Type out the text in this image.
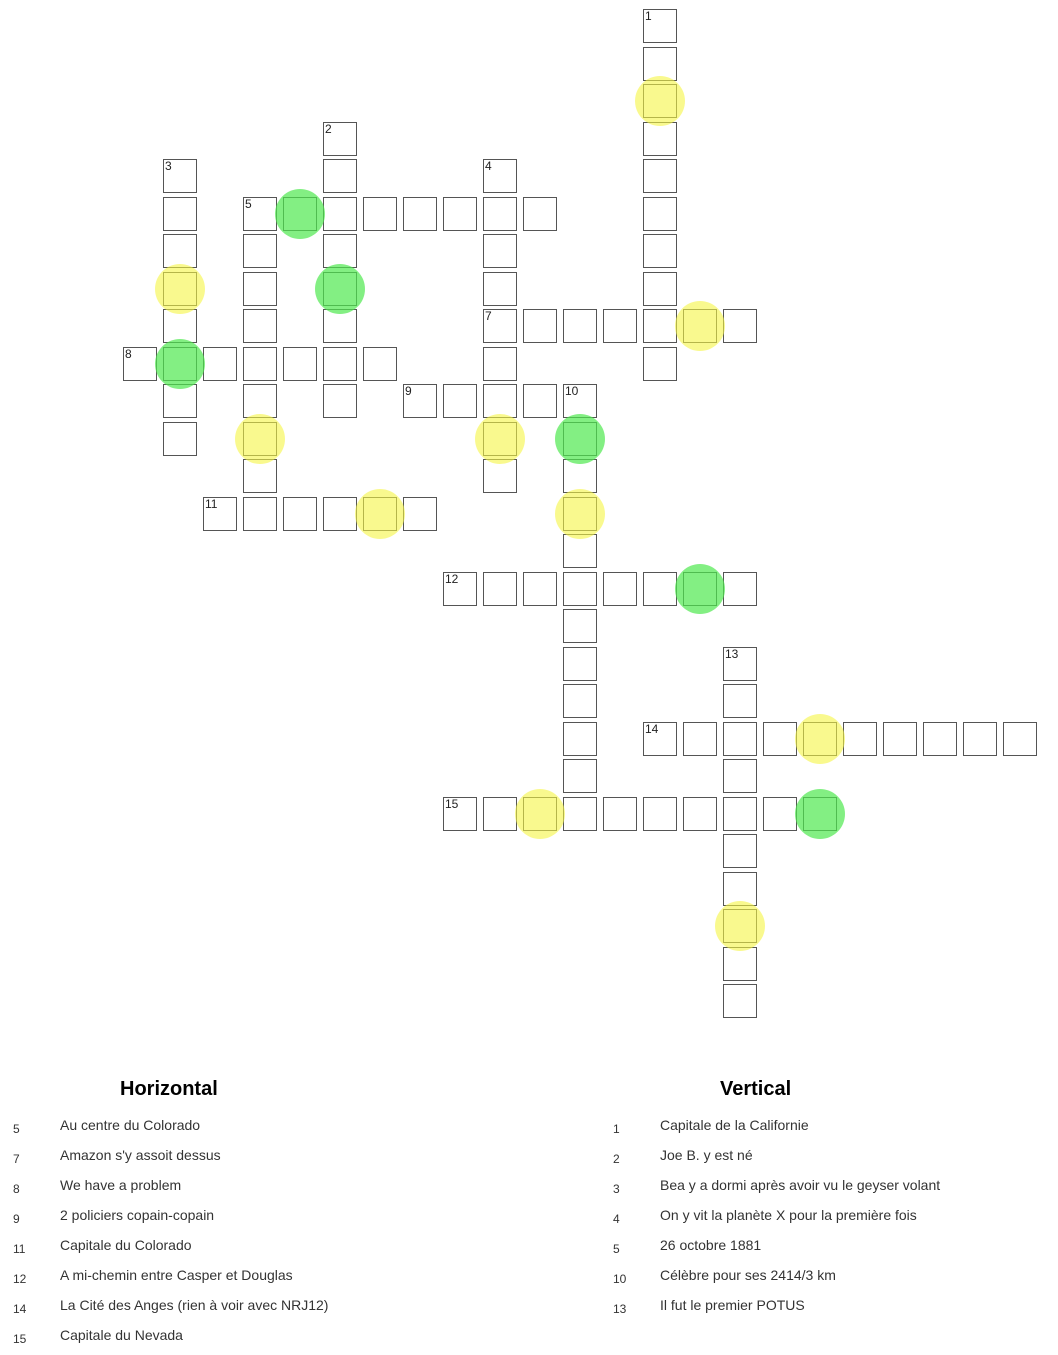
1
2
3	4
7
5
8
9	10
11
12
13
14
15
Horizontal
5	Au centre du Colorado
7	Amazon s'y assoit dessus
8	We have a problem
9	2 policiers copain-copain
11 Capitale du Colorado
12 A mi-chemin entre Casper et Douglas
14 La Cité des Anges (rien à voir avec NRJ12)
15 Capitale du Nevada
Vertical
1	Capitale de la Californie
2	Joe B. y est né
3	Bea y a dormi après avoir vu le geyser volant
4	On y vit la planète X pour la première fois
5	26 octobre 1881
10 Célèbre pour ses 2414/3 km
13 Il fut le premier POTUS
